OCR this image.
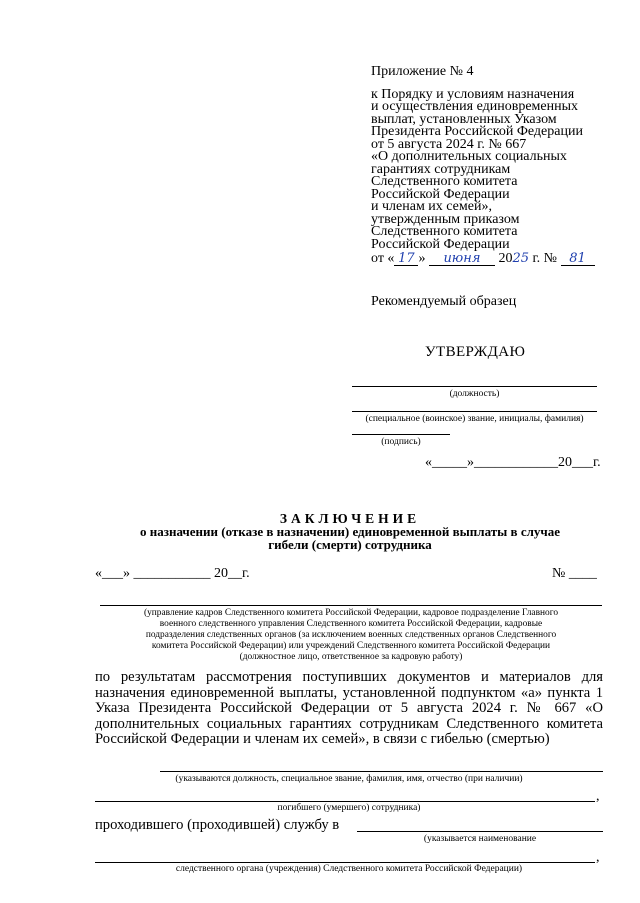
Приложение № 4
к Порядку и условиям назначения
и осуществления единовременных
выплат, установленных Указом
Президента Российской Федерации
от 5 августа 2024 г. № 667
«О дополнительных социальных
гарантиях сотрудникам
Следственного комитета
Российской Федерации
и членам их семей»,
утвержденным приказом
Следственного комитета
Российской Федерации
от « 17 » июня 2025 г. № 81
Рекомендуемый образец
УТВЕРЖДАЮ
(должность)
(специальное (воинское) звание, инициалы, фамилия)
(подпись)
«_____»____________20___г.
ЗАКЛЮЧЕНИЕ
о назначении (отказе в назначении) единовременной выплаты в случае
гибели (смерти) сотрудника
«___» ___________ 20__г.	№ ____
(управление кадров Следственного комитета Российской Федерации, кадровое подразделение Главного
военного следственного управления Следственного комитета Российской Федерации, кадровые
подразделения следственных органов (за исключением военных следственных органов Следственного
комитета Российской Федерации) или учреждений Следственного комитета Российской Федерации
(должностное лицо, ответственное за кадровую работу)
по результатам рассмотрения поступивших документов и материалов для назначения единовременной выплаты, установленной подпунктом «а» пункта 1 Указа Президента Российской Федерации от 5 августа 2024 г. № 667 «О дополнительных социальных гарантиях сотрудникам Следственного комитета Российской Федерации и членам их семей», в связи с гибелью (смертью)
(указываются должность, специальное звание, фамилия, имя, отчество (при наличии)
,
погибшего (умершего) сотрудника)
проходившего (проходившей) службу в
(указывается наименование
,
следственного органа (учреждения) Следственного комитета Российской Федерации)
